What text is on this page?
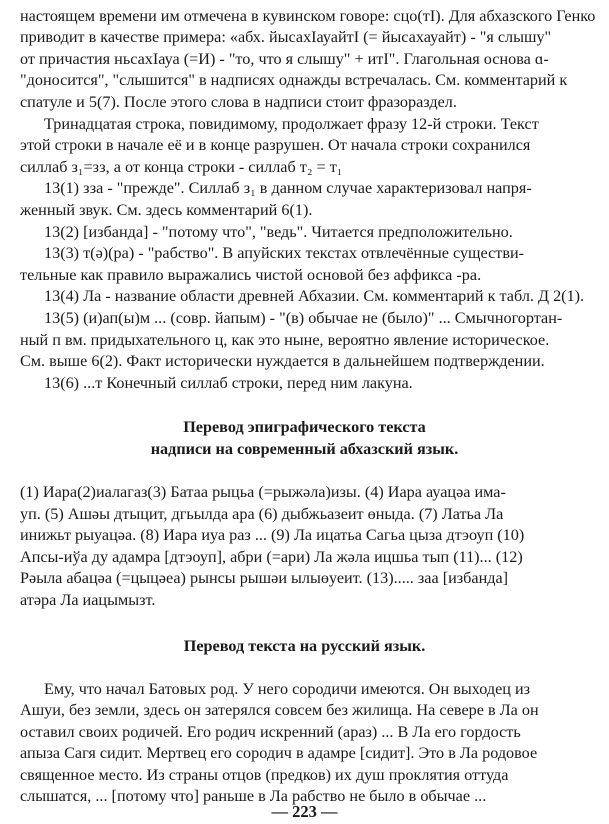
настоящем времени им отмечена в кувинском говоре: сцо(тI). Для абхазского Генко
приводит в качестве примера: «абх. йысахIауайтI (= йысахауайт) - "я слышу"
от причастия ньсахIауа (=И) - "то, что я слышу" + итI". Глагольная основа ɑ-
"доносится", "слышится" в надписях однажды встречалась. См. комментарий к
спатуле и 5(7). После этого слова в надписи стоит фразораздел.
Тринадцатая строка, повидимому, продолжает фразу 12-й строки. Текст
этой строки в начале её и в конце разрушен. От начала строки сохранился
силлаб з₁=зз, а от конца строки - силлаб т₂ = т₁
13(1) зза - "прежде". Силлаб з₁ в данном случае характеризовал напря-
женный звук. См. здесь комментарий 6(1).
13(2) [избанда] - "потому что", "ведь". Читается предположительно.
13(3) т(ə)(ра) - "рабство". В апуйских текстах отвлечённые существи-
тельные как правило выражались чистой основой без аффикса -ра.
13(4) Ла - название области древней Абхазии. См. комментарий к табл. Д 2(1).
13(5) (и)ап(ы)м ... (совр. йапым) - "(в) обычае не (было)" ... Смычногортан-
ный п вм. придыхательного ц, как это ныне, вероятно явление историческое.
См. выше 6(2). Факт исторически нуждается в дальнейшем подтверждении.
13(6) ...т Конечный силлаб строки, перед ним лакуна.
Перевод эпиграфического текста
надписи на современный абхазский язык.
(1) Иара(2)иалагаз(3) Батаа рыцьа (=рыжəла)изы. (4) Иара ауацəа има-
уп. (5) Ашəы дтыцит, дгьылда ара (6) дыбжьазеит ɵныда. (7) Латьа Ла
инижьт рыуацəа. (8) Иара иуа раз ... (9) Ла ицатьа Сагьа цыза дтэоуп (10)
Апсы-иўа ду адамра [дтэоуп], абри (=ари) Ла жəла ицшьа тып (11)... (12)
Рəыла абацəа (=цыцəеа) рынсы рышəи ылыɵуеит. (13)..... заа [избанда]
атəра Ла иацымызт.
Перевод текста на русский язык.
Ему, что начал Батовых род. У него сородичи имеются. Он выходец из
Ашуи, без земли, здесь он затерялся совсем без жилища. На севере в Ла он
оставил своих родичей. Его родич искренний (араз) ... В Ла его гордость
апыза Сагя сидит. Мертвец его сородич в адамре [сидит]. Это в Ла родовое
священное место. Из страны отцов (предков) их душ проклятия оттуда
слышатся, ... [потому что] раньше в Ла рабство не было в обычае ...
— 223 —
